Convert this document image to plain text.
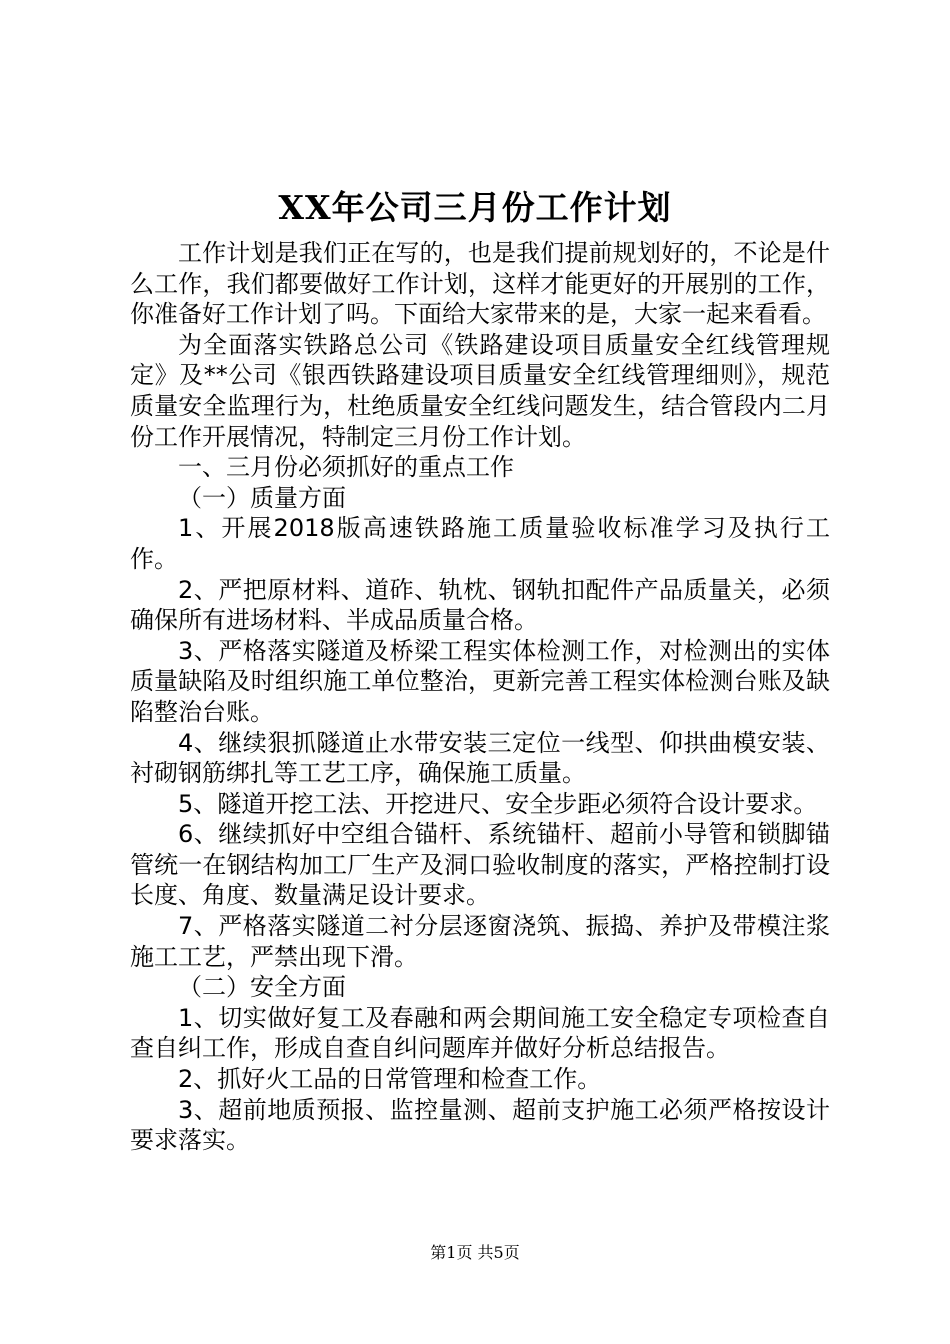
XX年公司三月份工作计划

工作计划是我们正在写的，也是我们提前规划好的，不论是什么工作，我们都要做好工作计划，这样才能更好的开展别的工作，你准备好工作计划了吗。下面给大家带来的是，大家一起来看看。

为全面落实铁路总公司《铁路建设项目质量安全红线管理规定》及**公司《银西铁路建设项目质量安全红线管理细则》，规范质量安全监理行为，杜绝质量安全红线问题发生，结合管段内二月份工作开展情况，特制定三月份工作计划。

一、三月份必须抓好的重点工作

（一）质量方面

1、开展2018版高速铁路施工质量验收标准学习及执行工作。

2、严把原材料、道砟、轨枕、钢轨扣配件产品质量关，必须确保所有进场材料、半成品质量合格。

3、严格落实隧道及桥梁工程实体检测工作，对检测出的实体质量缺陷及时组织施工单位整治，更新完善工程实体检测台账及缺陷整治台账。

4、继续狠抓隧道止水带安装三定位一线型、仰拱曲模安装、衬砌钢筋绑扎等工艺工序，确保施工质量。

5、隧道开挖工法、开挖进尺、安全步距必须符合设计要求。

6、继续抓好中空组合锚杆、系统锚杆、超前小导管和锁脚锚管统一在钢结构加工厂生产及洞口验收制度的落实，严格控制打设长度、角度、数量满足设计要求。

7、严格落实隧道二衬分层逐窗浇筑、振捣、养护及带模注浆施工工艺，严禁出现下滑。

（二）安全方面

1、切实做好复工及春融和两会期间施工安全稳定专项检查自查自纠工作，形成自查自纠问题库并做好分析总结报告。

2、抓好火工品的日常管理和检查工作。

3、超前地质预报、监控量测、超前支护施工必须严格按设计要求落实。

第1页 共5页
